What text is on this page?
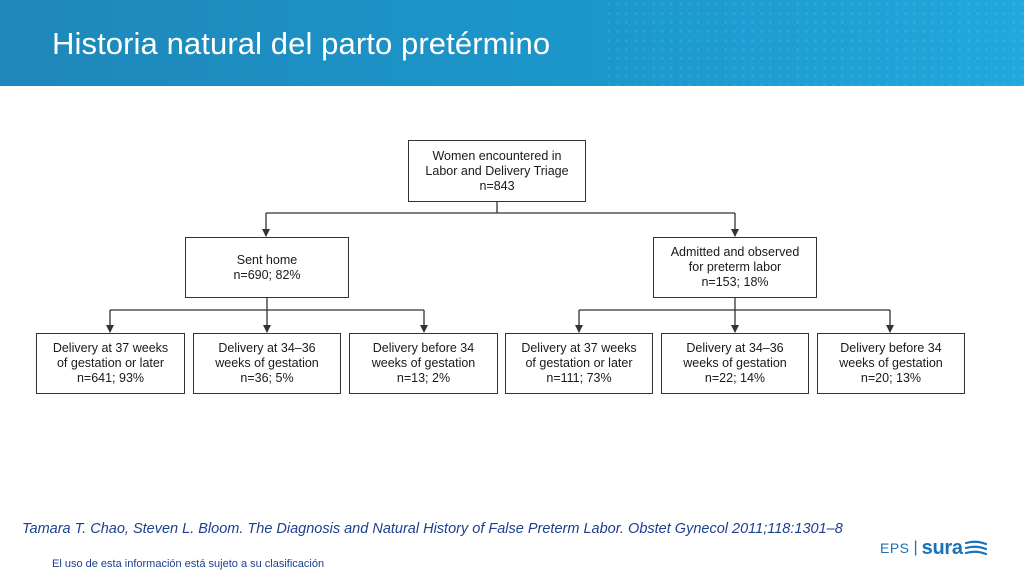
Historia natural del parto pretérmino
Women encountered in
Labor and Delivery Triage
n=843
Sent home
n=690; 82%
Admitted and observed
for preterm labor
n=153; 18%
Delivery at 37 weeks
of gestation or later
n=641; 93%
Delivery at 34–36
weeks of gestation
n=36; 5%
Delivery before 34
weeks of gestation
n=13; 2%
Delivery at 37 weeks
of gestation or later
n=111; 73%
Delivery at 34–36
weeks of gestation
n=22; 14%
Delivery before 34
weeks of gestation
n=20; 13%

Tamara T. Chao, Steven L. Bloom. The Diagnosis and Natural History of False Preterm Labor. Obstet Gynecol 2011;118:1301–8

El uso de esta información está sujeto a su clasificación

EPS | sura
